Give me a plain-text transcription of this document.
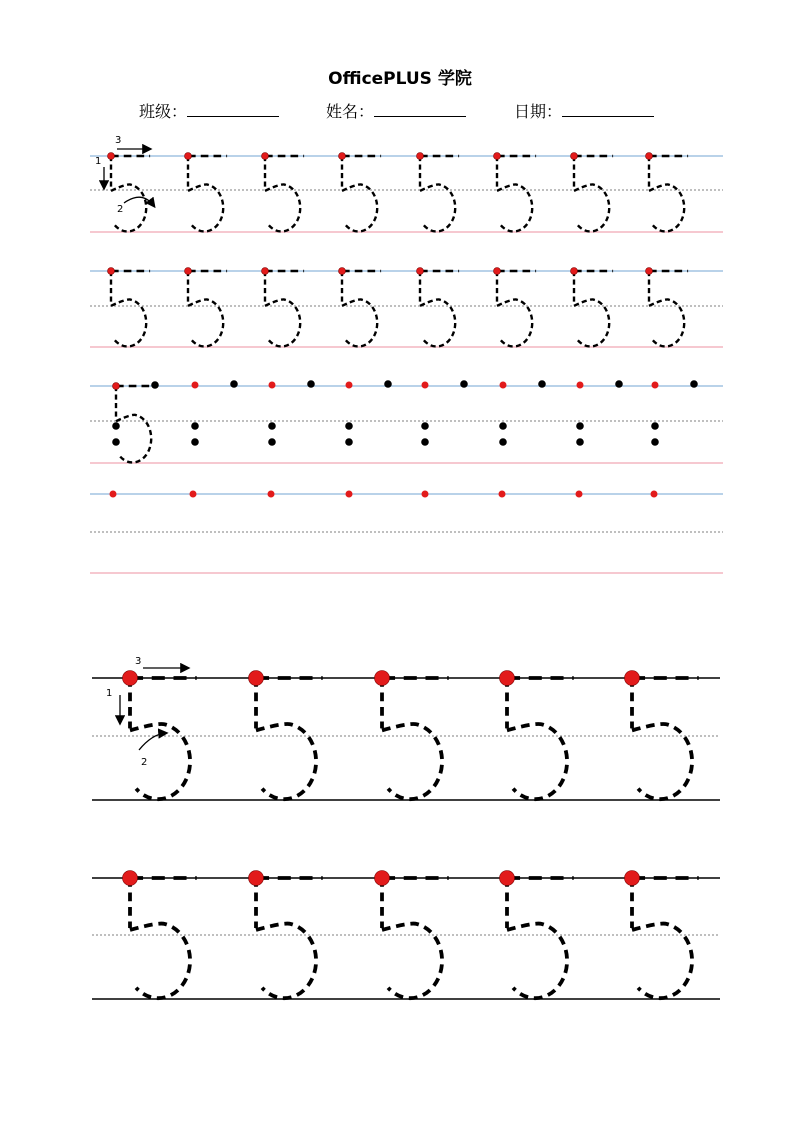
OfficePLUS 学院
班级：	姓名：	日期：
1
2
3
1
2
3
